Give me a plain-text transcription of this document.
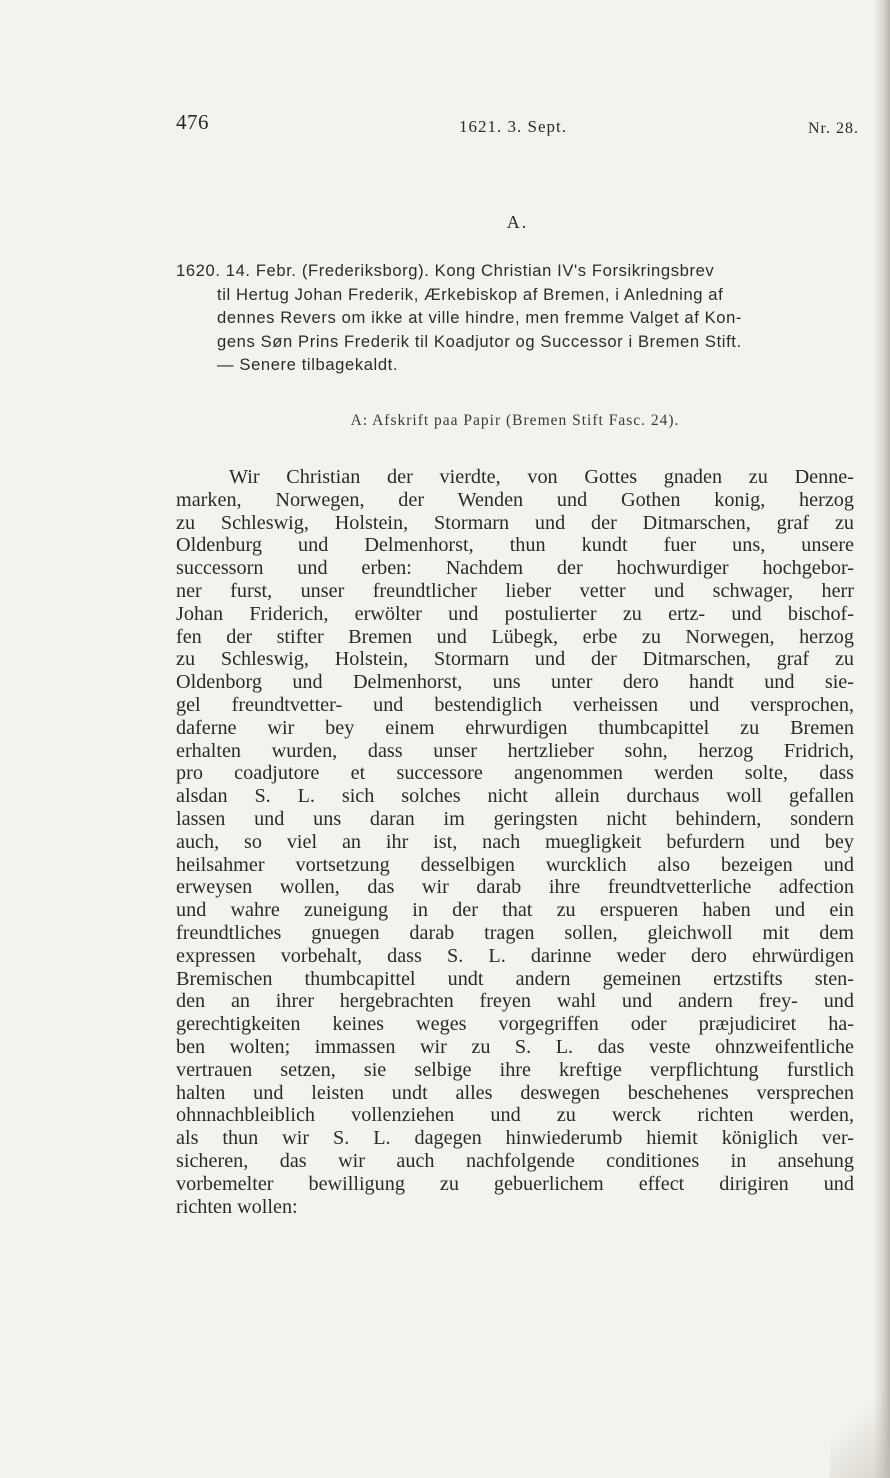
476	1621. 3. Sept.	Nr. 28.
A.
1620. 14. Febr. (Frederiksborg). Kong Christian IV's Forsikringsbrev
til Hertug Johan Frederik, Ærkebiskop af Bremen, i Anledning af
dennes Revers om ikke at ville hindre, men fremme Valget af Kon-
gens Søn Prins Frederik til Koadjutor og Successor i Bremen Stift.
— Senere tilbagekaldt.
A: Afskrift paa Papir (Bremen Stift Fasc. 24).
Wir Christian der vierdte, von Gottes gnaden zu Denne-
marken, Norwegen, der Wenden und Gothen konig, herzog
zu Schleswig, Holstein, Stormarn und der Ditmarschen, graf zu
Oldenburg und Delmenhorst, thun kundt fuer uns, unsere
successorn und erben: Nachdem der hochwurdiger hochgebor-
ner furst, unser freundtlicher lieber vetter und schwager, herr
Johan Friderich, erwölter und postulierter zu ertz- und bischof-
fen der stifter Bremen und Lübegk, erbe zu Norwegen, herzog
zu Schleswig, Holstein, Stormarn und der Ditmarschen, graf zu
Oldenborg und Delmenhorst, uns unter dero handt und sie-
gel freundtvetter- und bestendiglich verheissen und versprochen,
daferne wir bey einem ehrwurdigen thumbcapittel zu Bremen
erhalten wurden, dass unser hertzlieber sohn, herzog Fridrich,
pro coadjutore et successore angenommen werden solte, dass
alsdan S. L. sich solches nicht allein durchaus woll gefallen
lassen und uns daran im geringsten nicht behindern, sondern
auch, so viel an ihr ist, nach muegligkeit befurdern und bey
heilsahmer vortsetzung desselbigen wurcklich also bezeigen und
erweysen wollen, das wir darab ihre freundtvetterliche adfection
und wahre zuneigung in der that zu erspueren haben und ein
freundtliches gnuegen darab tragen sollen, gleichwoll mit dem
expressen vorbehalt, dass S. L. darinne weder dero ehrwürdigen
Bremischen thumbcapittel undt andern gemeinen ertzstifts sten-
den an ihrer hergebrachten freyen wahl und andern frey- und
gerechtigkeiten keines weges vorgegriffen oder præjudiciret ha-
ben wolten; immassen wir zu S. L. das veste ohnzweifentliche
vertrauen setzen, sie selbige ihre kreftige verpflichtung furstlich
halten und leisten undt alles deswegen beschehenes versprechen
ohnnachbleiblich vollenziehen und zu werck richten werden,
als thun wir S. L. dagegen hinwiederumb hiemit königlich ver-
sicheren, das wir auch nachfolgende conditiones in ansehung
vorbemelter bewilligung zu gebuerlichem effect dirigiren und
richten wollen:
